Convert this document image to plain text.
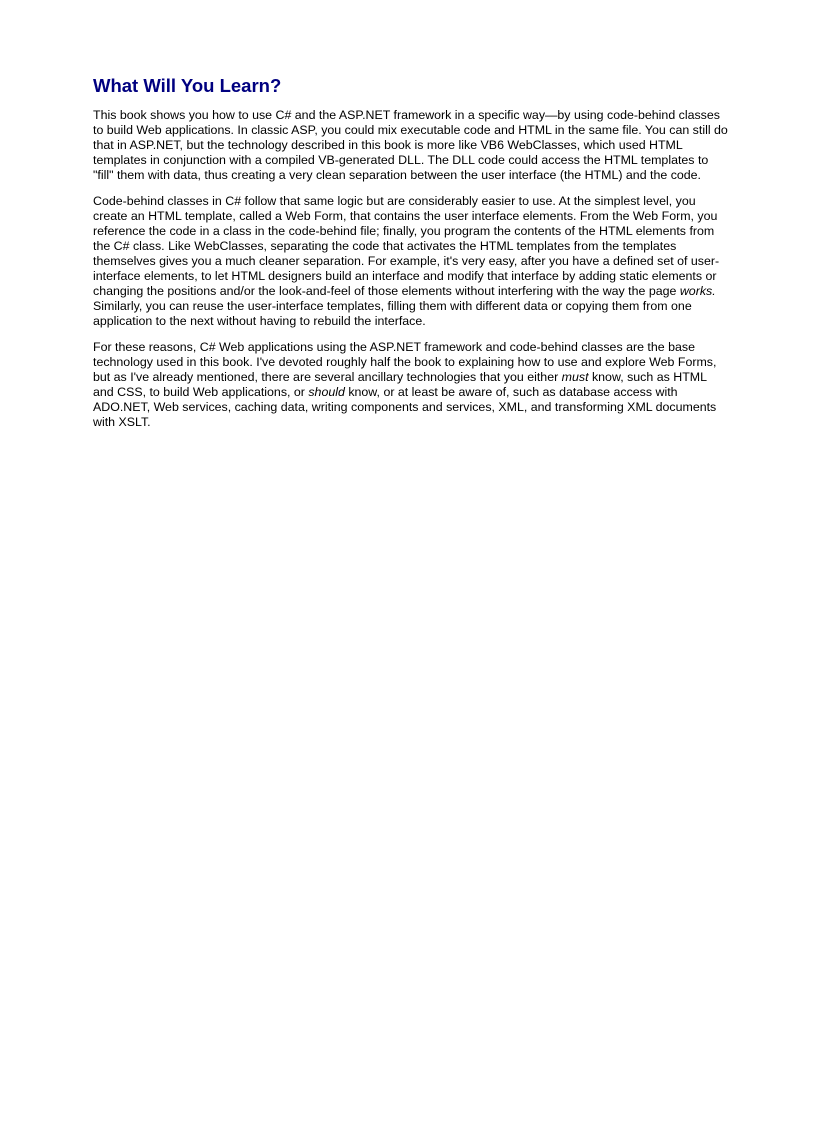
What Will You Learn?

This book shows you how to use C# and the ASP.NET framework in a specific way—by using code-behind classes to build Web applications. In classic ASP, you could mix executable code and HTML in the same file. You can still do that in ASP.NET, but the technology described in this book is more like VB6 WebClasses, which used HTML templates in conjunction with a compiled VB-generated DLL. The DLL code could access the HTML templates to "fill" them with data, thus creating a very clean separation between the user interface (the HTML) and the code.

Code-behind classes in C# follow that same logic but are considerably easier to use. At the simplest level, you create an HTML template, called a Web Form, that contains the user interface elements. From the Web Form, you reference the code in a class in the code-behind file; finally, you program the contents of the HTML elements from the C# class. Like WebClasses, separating the code that activates the HTML templates from the templates themselves gives you a much cleaner separation. For example, it's very easy, after you have a defined set of user-interface elements, to let HTML designers build an interface and modify that interface by adding static elements or changing the positions and/or the look-and-feel of those elements without interfering with the way the page works. Similarly, you can reuse the user-interface templates, filling them with different data or copying them from one application to the next without having to rebuild the interface.

For these reasons, C# Web applications using the ASP.NET framework and code-behind classes are the base technology used in this book. I've devoted roughly half the book to explaining how to use and explore Web Forms, but as I've already mentioned, there are several ancillary technologies that you either must know, such as HTML and CSS, to build Web applications, or should know, or at least be aware of, such as database access with ADO.NET, Web services, caching data, writing components and services, XML, and transforming XML documents with XSLT.
